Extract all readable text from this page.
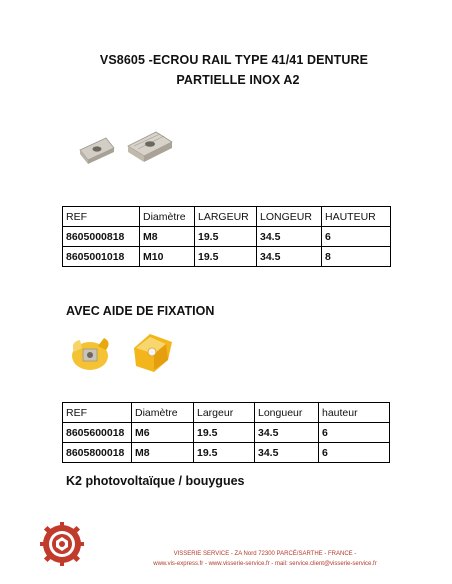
VS8605 -ECROU RAIL TYPE 41/41 DENTURE
PARTIELLE INOX A2
REF	Diamètre	LARGEUR	LONGEUR	HAUTEUR
8605000818	M8	19.5	34.5	6
8605001018	M10	19.5	34.5	8
AVEC AIDE DE FIXATION
REF	Diamètre	Largeur	Longueur	hauteur
8605600018	M6	19.5	34.5	6
8605800018	M8	19.5	34.5	6
K2 photovoltaïque / bouygues
VISSERIE SERVICE - ZA Nord 72300 PARCÉ/SARTHE - FRANCE -
www.vis-express.fr - www.visserie-service.fr - mail: service.client@visserie-service.fr
